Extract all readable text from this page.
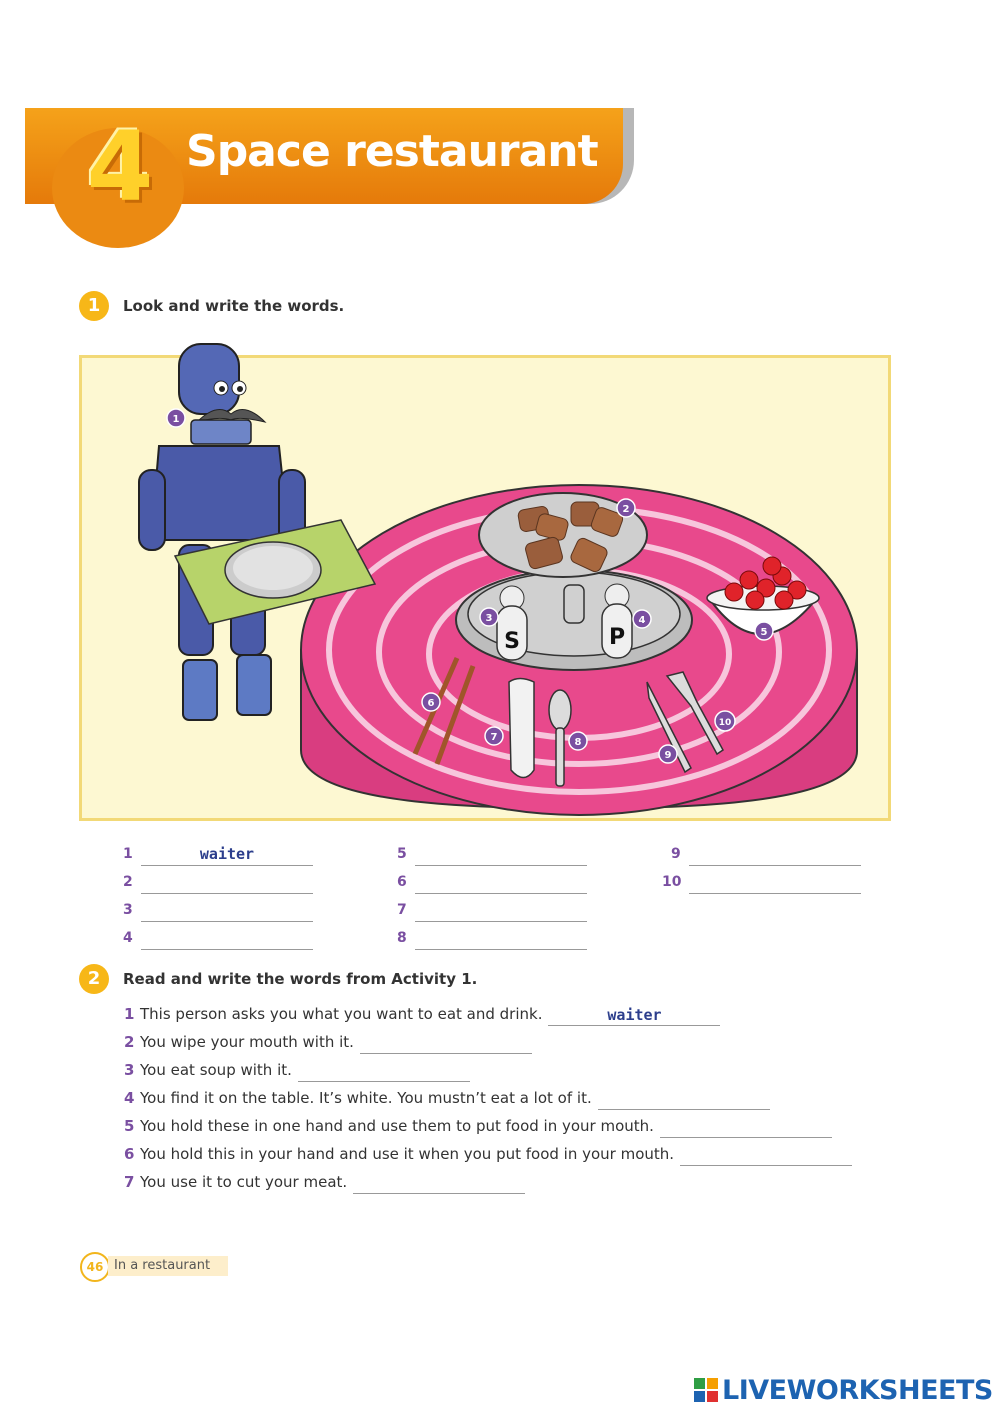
4 Space restaurant
1	Look and write the words.
S	P
1
2
3	4
5
6
7	8
9
10
1	waiter
2
3
4
5
6
7
8
9
10
2	Read and write the words from Activity 1.
1 This person asks you what you want to eat and drink.	waiter
2 You wipe your mouth with it.
3 You eat soup with it.
4 You find it on the table. It’s white. You mustn’t eat a lot of it.
5 You hold these in one hand and use them to put food in your mouth.
6 You hold this in your hand and use it when you put food in your mouth.
7 You use it to cut your meat.
46 In a restaurant
LIVEWORKSHEETS
